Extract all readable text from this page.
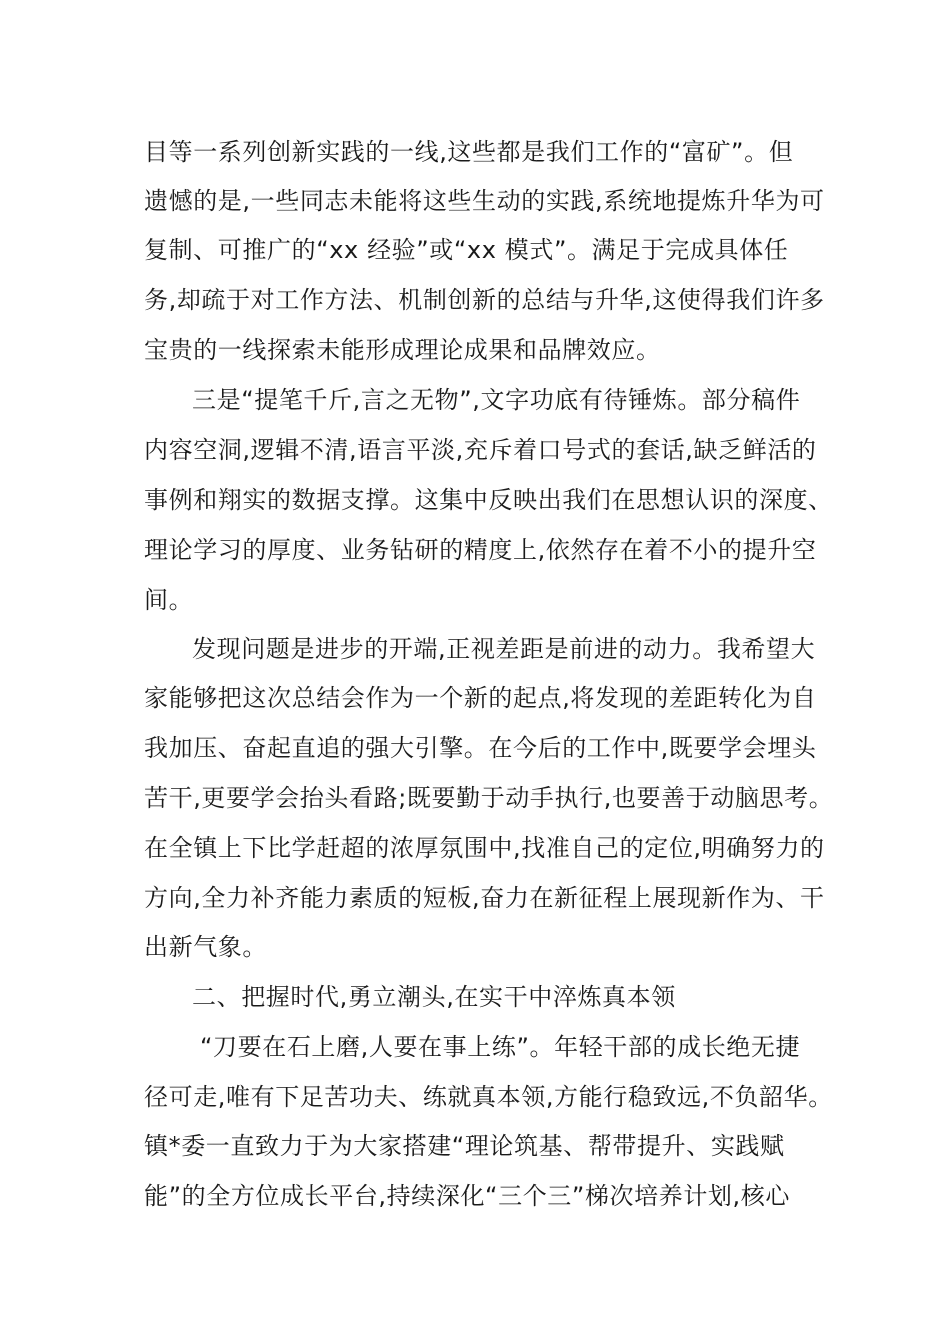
目等一系列创新实践的一线,这些都是我们工作的“富矿”。但
遗憾的是,一些同志未能将这些生动的实践,系统地提炼升华为可
复制、可推广的“xx 经验”或“xx 模式”。满足于完成具体任
务,却疏于对工作方法、机制创新的总结与升华,这使得我们许多
宝贵的一线探索未能形成理论成果和品牌效应。
三是“提笔千斤,言之无物”,文字功底有待锤炼。部分稿件
内容空洞,逻辑不清,语言平淡,充斥着口号式的套话,缺乏鲜活的
事例和翔实的数据支撑。这集中反映出我们在思想认识的深度、
理论学习的厚度、业务钻研的精度上,依然存在着不小的提升空
间。
发现问题是进步的开端,正视差距是前进的动力。我希望大
家能够把这次总结会作为一个新的起点,将发现的差距转化为自
我加压、奋起直追的强大引擎。在今后的工作中,既要学会埋头
苦干,更要学会抬头看路;既要勤于动手执行,也要善于动脑思考。
在全镇上下比学赶超的浓厚氛围中,找准自己的定位,明确努力的
方向,全力补齐能力素质的短板,奋力在新征程上展现新作为、干
出新气象。
二、把握时代,勇立潮头,在实干中淬炼真本领
“刀要在石上磨,人要在事上练”。年轻干部的成长绝无捷
径可走,唯有下足苦功夫、练就真本领,方能行稳致远,不负韶华。
镇*委一直致力于为大家搭建“理论筑基、帮带提升、实践赋
能”的全方位成长平台,持续深化“三个三”梯次培养计划,核心
